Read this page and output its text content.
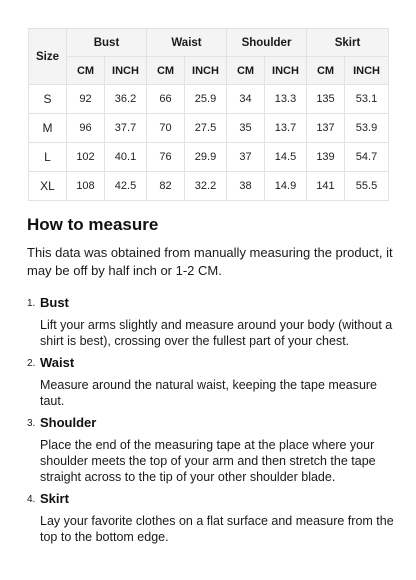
Size	Bust		Waist		Shoulder		Skirt	
	CM	INCH	CM	INCH	CM	INCH	CM	INCH
S	92	36.2	66	25.9	34	13.3	135	53.1
M	96	37.7	70	27.5	35	13.7	137	53.9
L	102	40.1	76	29.9	37	14.5	139	54.7
XL	108	42.5	82	32.2	38	14.9	141	55.5
How to measure

This data was obtained from manually measuring the product, it may be off by half inch or 1-2 CM.

1. Bust

Lift your arms slightly and measure around your body (without a shirt is best), crossing over the fullest part of your chest.

2. Waist

Measure around the natural waist, keeping the tape measure taut.

3. Shoulder

Place the end of the measuring tape at the place where your shoulder meets the top of your arm and then stretch the tape straight across to the tip of your other shoulder blade.

4. Skirt

Lay your favorite clothes on a flat surface and measure from the top to the bottom edge.
